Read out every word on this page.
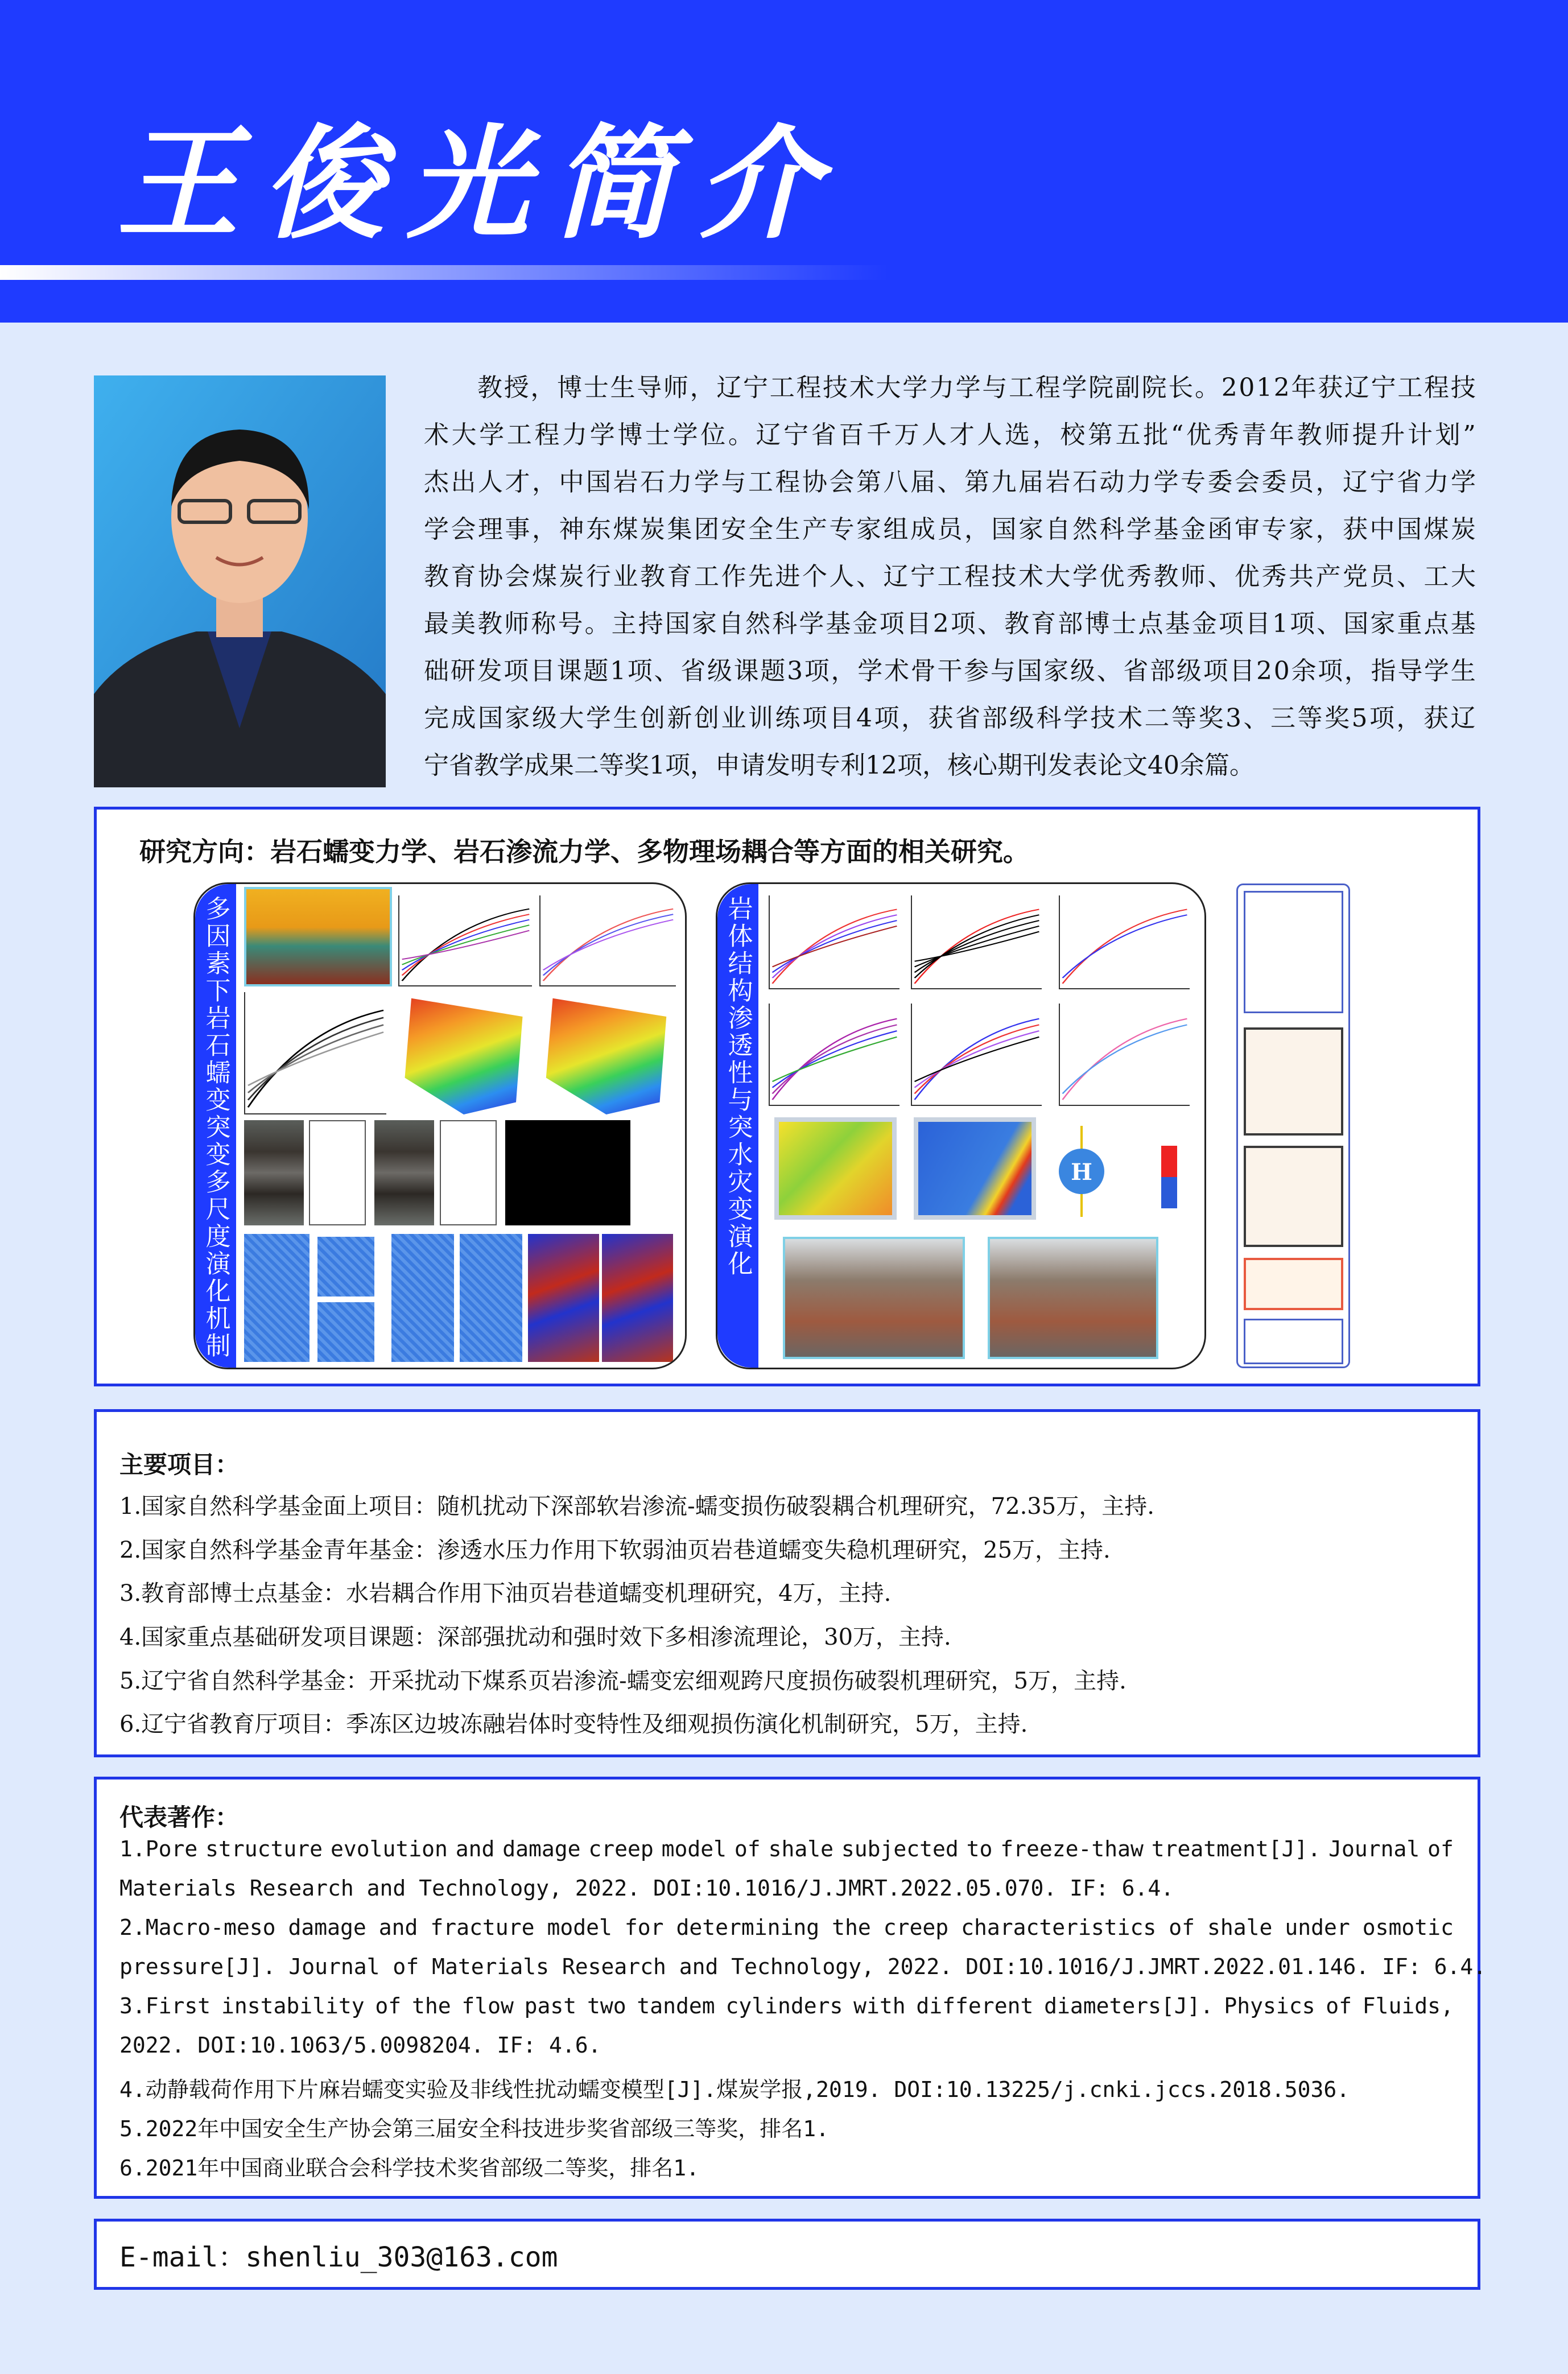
王俊光简介
教 授 ， 博 士 生 导 师 ， 辽 宁 工 程 技 术 大 学 力 学 与 工 程 学 院 副 院 长 。 2 0 1 2 年 获 辽 宁 工 程 技
术 大 学 工 程 力 学 博 士 学 位 。 辽 宁 省 百 千 万 人 才 人 选 ， 校 第 五 批 “ 优 秀 青 年 教 师 提 升 计 划 ”
杰 出 人 才 ， 中 国 岩 石 力 学 与 工 程 协 会 第 八 届 、 第 九 届 岩 石 动 力 学 专 委 会 委 员 ， 辽 宁 省 力 学
学 会 理 事 ， 神 东 煤 炭 集 团 安 全 生 产 专 家 组 成 员 ， 国 家 自 然 科 学 基 金 函 审 专 家 ， 获 中 国 煤 炭
教 育 协 会 煤 炭 行 业 教 育 工 作 先 进 个 人 、 辽 宁 工 程 技 术 大 学 优 秀 教 师 、 优 秀 共 产 党 员 、 工 大
最 美 教 师 称 号 。 主 持 国 家 自 然 科 学 基 金 项 目 2 项 、 教 育 部 博 士 点 基 金 项 目 1 项 、 国 家 重 点 基
础 研 发 项 目 课 题 1 项 、 省 级 课 题 3 项 ， 学 术 骨 干 参 与 国 家 级 、 省 部 级 项 目 2 0 余 项 ， 指 导 学 生
完 成 国 家 级 大 学 生 创 新 创 业 训 练 项 目 4 项 ， 获 省 部 级 科 学 技 术 二 等 奖 3 、 三 等 奖 5 项 ， 获 辽
宁省教学成果二等奖1项，申请发明专利12项，核心期刊发表论文40余篇。
研究方向：岩石蠕变力学、岩石渗流力学、多物理场耦合等方面的相关研究。
多因素下岩石蠕变突变多尺度演化机制	岩体结构渗透性与突水灾变演化	H
主要项目：
1.国家自然科学基金面上项目：随机扰动下深部软岩渗流-蠕变损伤破裂耦合机理研究，72.35万，主持.
2.国家自然科学基金青年基金：渗透水压力作用下软弱油页岩巷道蠕变失稳机理研究，25万，主持.
3.教育部博士点基金：水岩耦合作用下油页岩巷道蠕变机理研究，4万，主持.
4.国家重点基础研发项目课题：深部强扰动和强时效下多相渗流理论，30万，主持.
5.辽宁省自然科学基金：开采扰动下煤系页岩渗流-蠕变宏细观跨尺度损伤破裂机理研究，5万，主持.
6.辽宁省教育厅项目：季冻区边坡冻融岩体时变特性及细观损伤演化机制研究，5万，主持.
代表著作：
1.Pore structure evolution and damage creep model of shale subjected to freeze-thaw treatment[J]. Journal of
Materials Research and Technology, 2022. DOI:10.1016/J.JMRT.2022.05.070. IF: 6.4.
2.Macro-meso damage and fracture model for determining the creep characteristics of shale under osmotic
pressure[J]. Journal of Materials Research and Technology, 2022. DOI:10.1016/J.JMRT.2022.01.146. IF: 6.4.
3.First instability of the flow past two tandem cylinders with different diameters[J]. Physics of Fluids,
2022. DOI:10.1063/5.0098204. IF: 4.6.
4.动静载荷作用下片麻岩蠕变实验及非线性扰动蠕变模型[J].煤炭学报,2019. DOI:10.13225/j.cnki.jccs.2018.5036.
5.2022年中国安全生产协会第三届安全科技进步奖省部级三等奖，排名1.
6.2021年中国商业联合会科学技术奖省部级二等奖，排名1.
E-mail：shenliu_303@163.com
